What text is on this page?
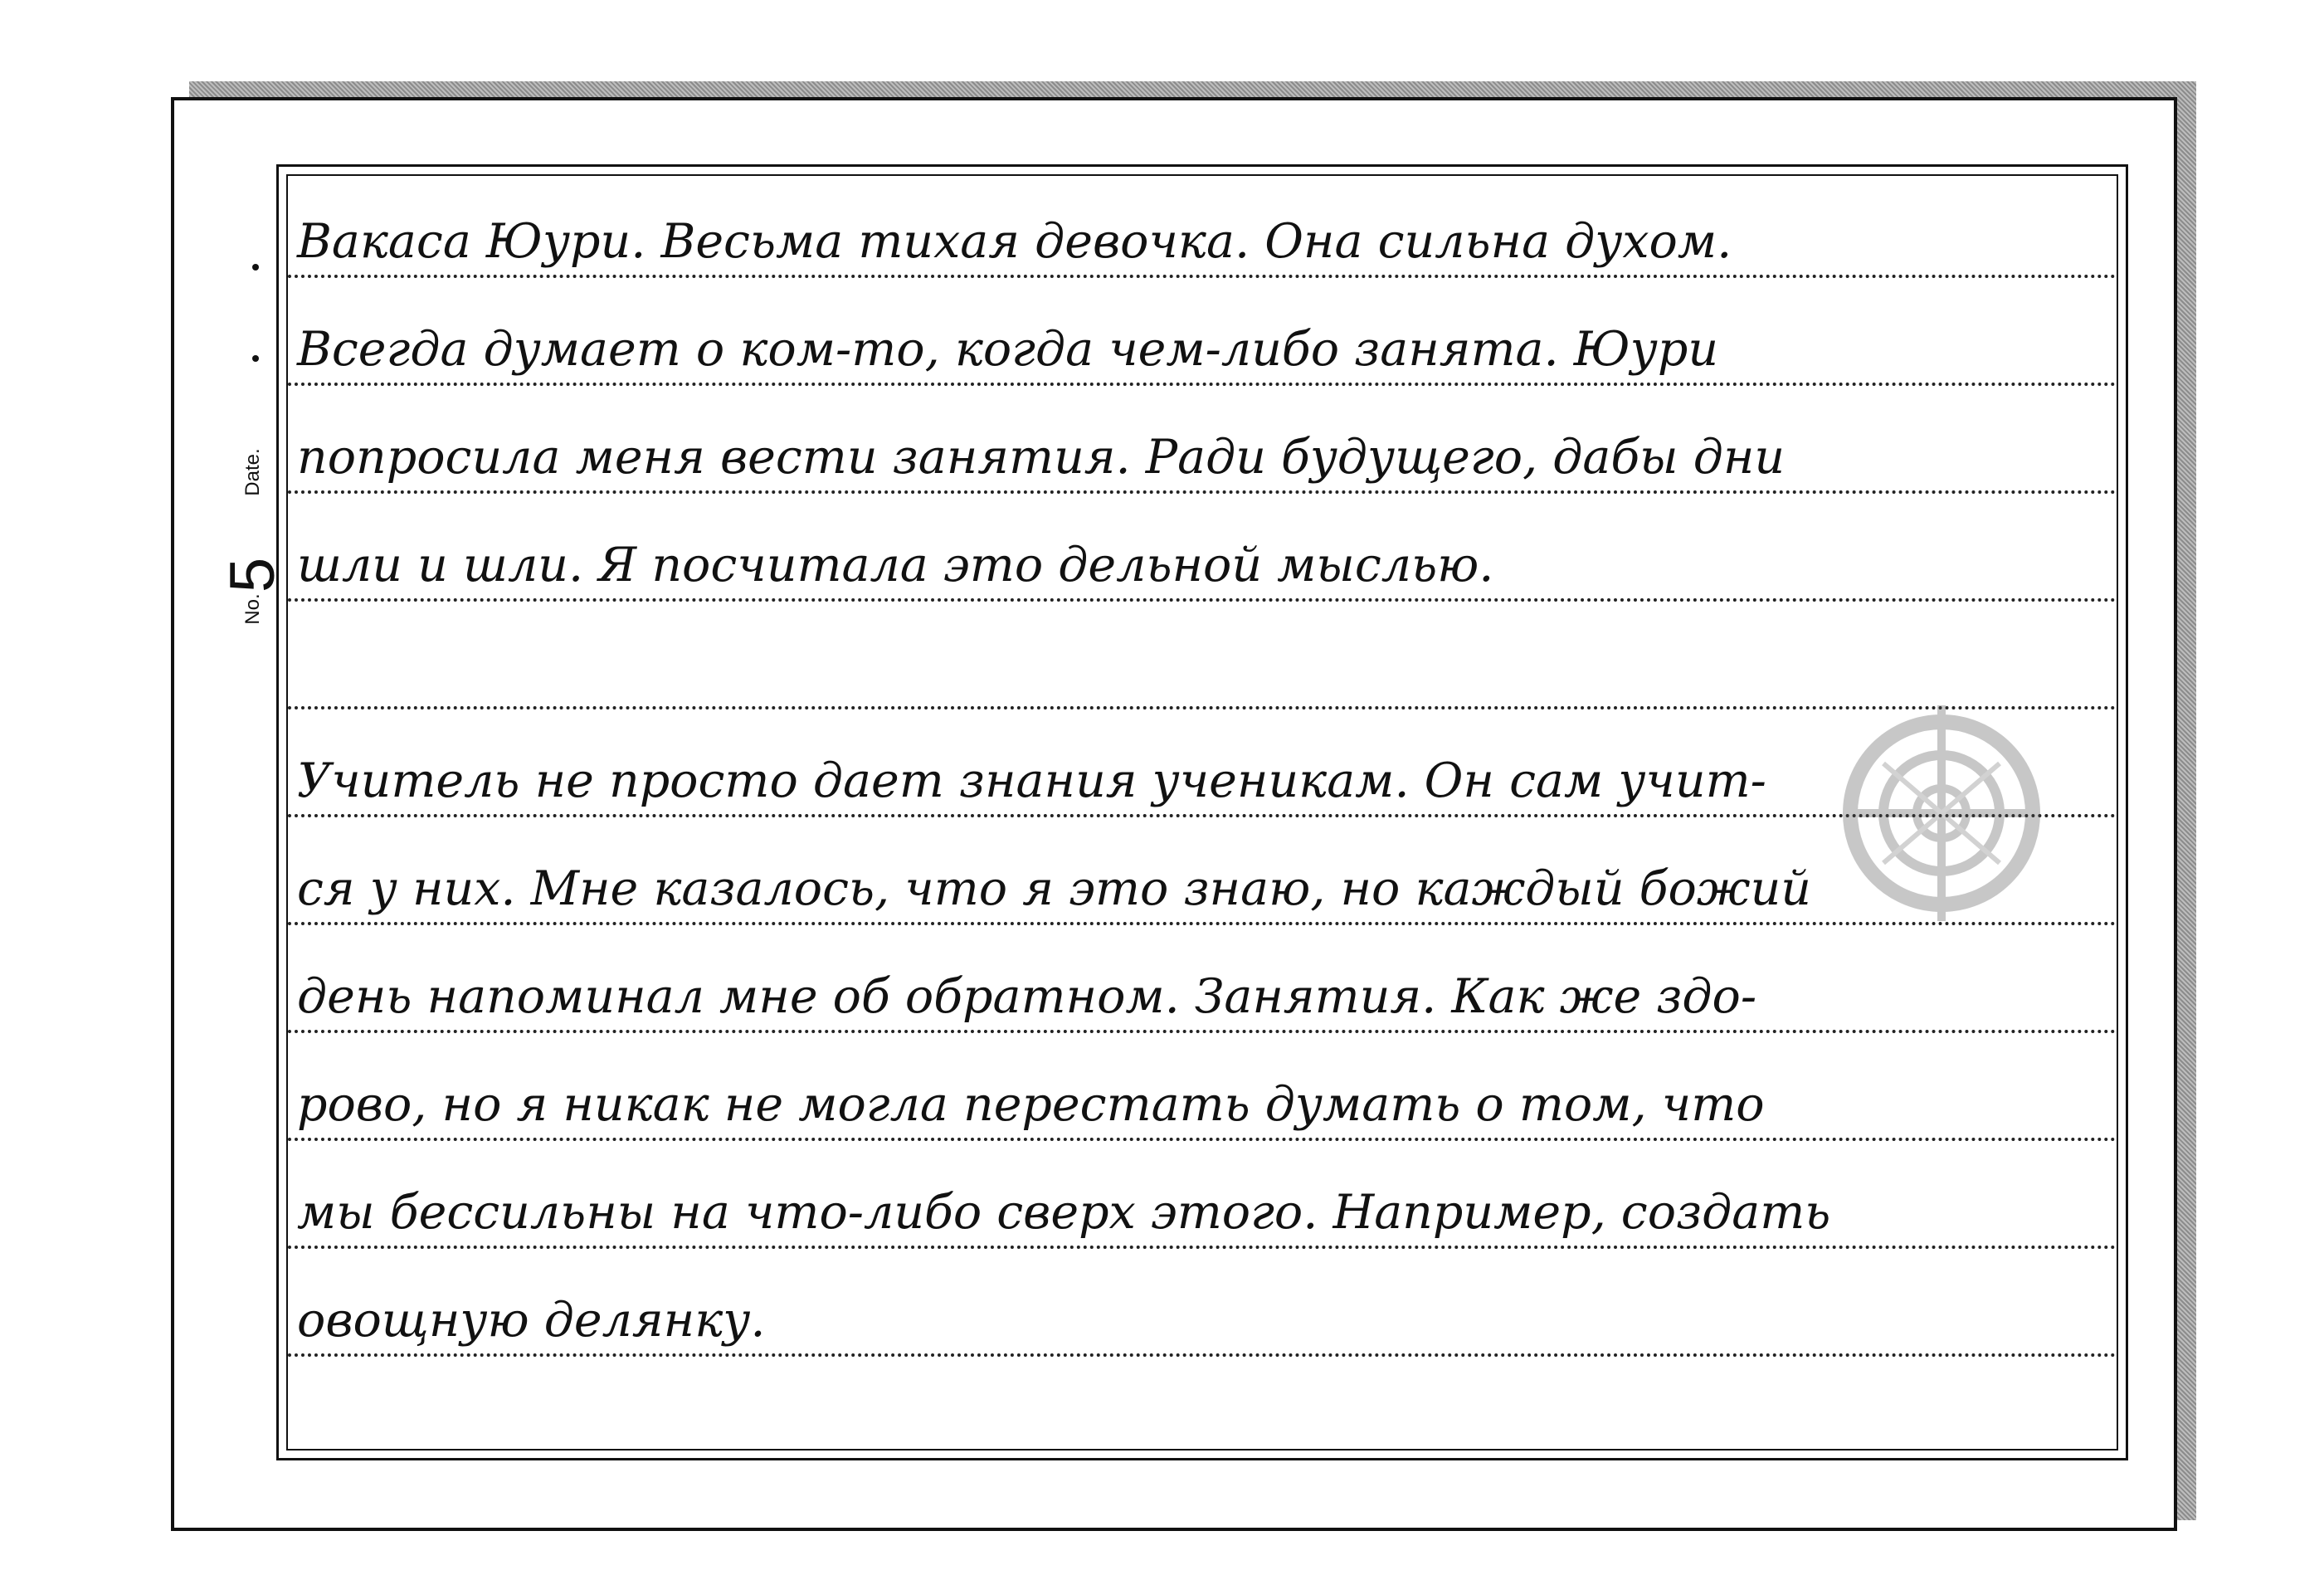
Date.
5
No.
Вакаса Юури. Весьма тихая девочка. Она сильна духом.
Всегда думает о ком-то, когда чем-либо занята. Юури
попросила меня вести занятия. Ради будущего, дабы дни
шли и шли. Я посчитала это дельной мыслью.
Учитель не просто дает знания ученикам. Он сам учит-
ся у них. Мне казалось, что я это знаю, но каждый божий
день напоминал мне об обратном. Занятия. Как же здо-
рово, но я никак не могла перестать думать о том, что
мы бессильны на что-либо сверх этого. Например, создать
овощную делянку.
